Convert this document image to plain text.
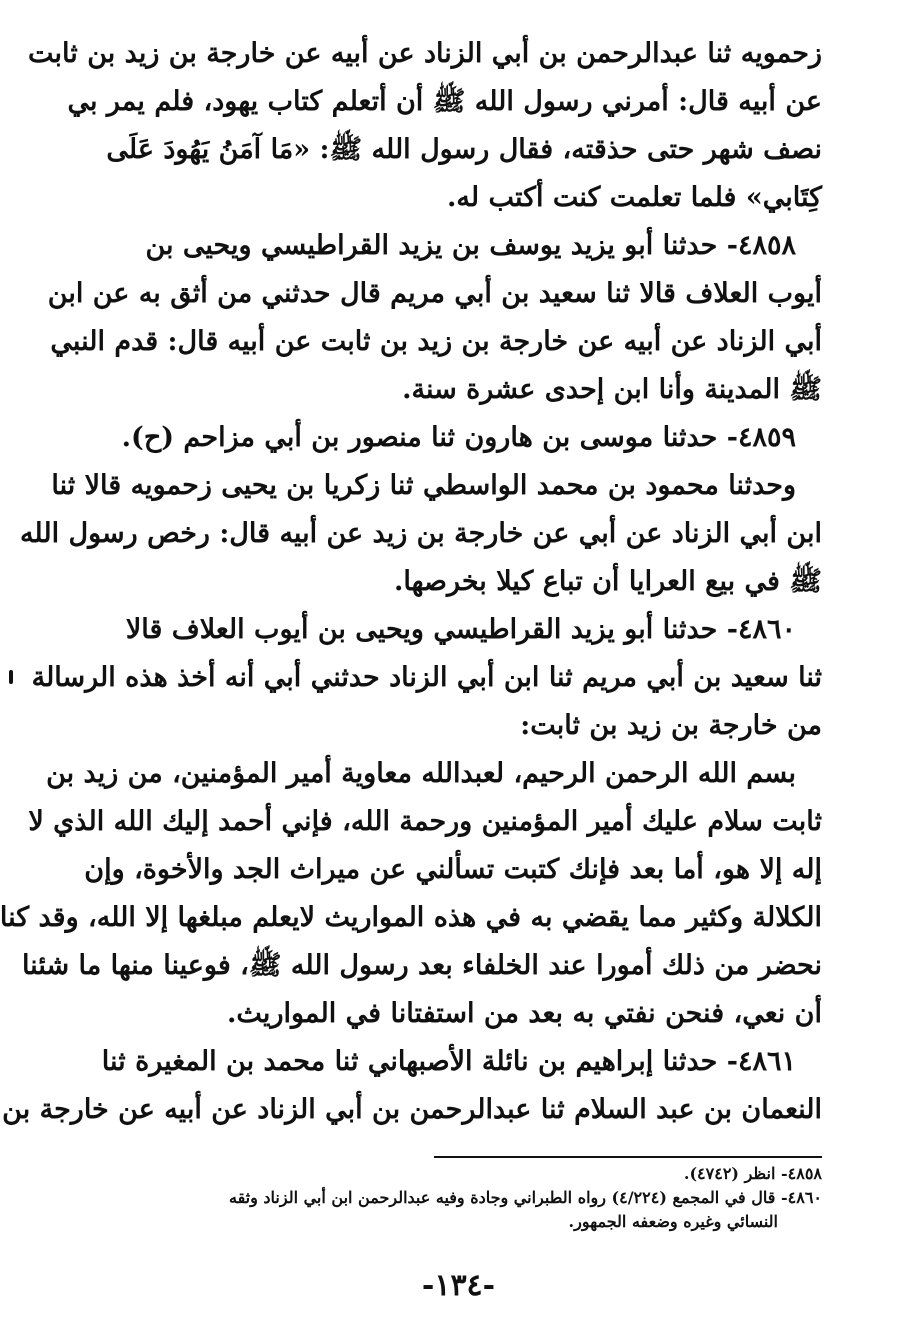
زحمويه ثنا عبدالرحمن بن أبي الزناد عن أبيه عن خارجة بن زيد بن ثابت
عن أبيه قال: أمرني رسول الله ﷺ أن أتعلم كتاب يهود، فلم يمر بي
نصف شهر حتى حذقته، فقال رسول الله ﷺ: «مَا آمَنُ يَهُودَ عَلَى
كِتَابي» فلما تعلمت كنت أكتب له.
٤٨٥٨- حدثنا أبو يزيد يوسف بن يزيد القراطيسي ويحيى بن
أيوب العلاف قالا ثنا سعيد بن أبي مريم قال حدثني من أثق به عن ابن
أبي الزناد عن أبيه عن خارجة بن زيد بن ثابت عن أبيه قال: قدم النبي
ﷺ المدينة وأنا ابن إحدى عشرة سنة.
٤٨٥٩- حدثنا موسى بن هارون ثنا منصور بن أبي مزاحم (ح).
وحدثنا محمود بن محمد الواسطي ثنا زكريا بن يحيى زحمويه قالا ثنا
ابن أبي الزناد عن أبي عن خارجة بن زيد عن أبيه قال: رخص رسول الله
ﷺ في بيع العرايا أن تباع كيلا بخرصها.
٤٨٦٠- حدثنا أبو يزيد القراطيسي ويحيى بن أيوب العلاف قالا
ثنا سعيد بن أبي مريم ثنا ابن أبي الزناد حدثني أبي أنه أخذ هذه الرسالة
من خارجة بن زيد بن ثابت:
بسم الله الرحمن الرحيم، لعبدالله معاوية أمير المؤمنين، من زيد بن
ثابت سلام عليك أمير المؤمنين ورحمة الله، فإني أحمد إليك الله الذي لا
إله إلا هو، أما بعد فإنك كتبت تسألني عن ميراث الجد والأخوة، وإن
الكلالة وكثير مما يقضي به في هذه المواريث لايعلم مبلغها إلا الله، وقد كنا
نحضر من ذلك أمورا عند الخلفاء بعد رسول الله ﷺ، فوعينا منها ما شئنا
أن نعي، فنحن نفتي به بعد من استفتانا في المواريث.
٤٨٦١- حدثنا إبراهيم بن نائلة الأصبهاني ثنا محمد بن المغيرة ثنا
النعمان بن عبد السلام ثنا عبدالرحمن بن أبي الزناد عن أبيه عن خارجة بن
٤٨٥٨- انظر (٤٧٤٢).
٤٨٦٠- قال في المجمع (٤/٢٢٤) رواه الطبراني وجادة وفيه عبدالرحمن ابن أبي الزناد وثقه
النسائي وغيره وضعفه الجمهور.
-١٣٤-
